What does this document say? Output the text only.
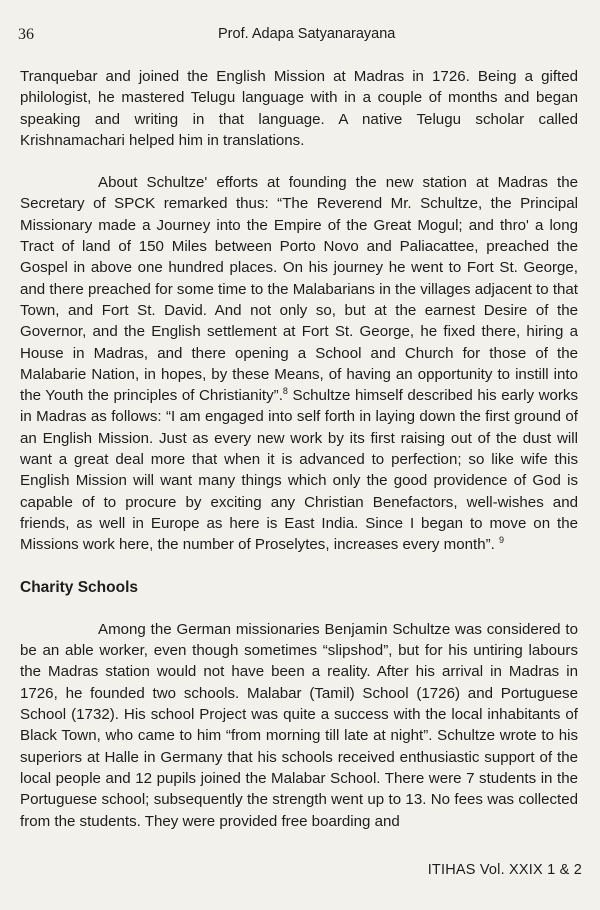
36	Prof. Adapa Satyanarayana

Tranquebar and joined the English Mission at Madras in 1726. Being a gifted philologist, he mastered Telugu language with in a couple of months and began speaking and writing in that language. A native Telugu scholar called Krishnamachari helped him in translations.

About Schultze' efforts at founding the new station at Madras the Secretary of SPCK remarked thus: “The Reverend Mr. Schultze, the Principal Missionary made a Journey into the Empire of the Great Mogul; and thro' a long Tract of land of 150 Miles between Porto Novo and Paliacattee, preached the Gospel in above one hundred places. On his journey he went to Fort St. George, and there preached for some time to the Malabarians in the villages adjacent to that Town, and Fort St. David. And not only so, but at the earnest Desire of the Governor, and the English settlement at Fort St. George, he fixed there, hiring a House in Madras, and there opening a School and Church for those of the Malabarie Nation, in hopes, by these Means, of having an opportunity to instill into the Youth the principles of Christianity”.$^8$ Schultze himself described his early works in Madras as follows: “I am engaged into self forth in laying down the first ground of an English Mission. Just as every new work by its first raising out of the dust will want a great deal more that when it is advanced to perfection; so like wife this English Mission will want many things which only the good providence of God is capable of to procure by exciting any Christian Benefactors, well-wishes and friends, as well in Europe as here is East India. Since I began to move on the Missions work here, the number of Proselytes, increases every month”. $^9$

Charity Schools

Among the German missionaries Benjamin Schultze was considered to be an able worker, even though sometimes “slipshod”, but for his untiring labours the Madras station would not have been a reality. After his arrival in Madras in 1726, he founded two schools. Malabar (Tamil) School (1726) and Portuguese School (1732). His school Project was quite a success with the local inhabitants of Black Town, who came to him “from morning till late at night”. Schultze wrote to his superiors at Halle in Germany that his schools received enthusiastic support of the local people and 12 pupils joined the Malabar School. There were 7 students in the Portuguese school; subsequently the strength went up to 13. No fees was collected from the students. They were provided free boarding and

ITIHAS Vol. XXIX 1 & 2
